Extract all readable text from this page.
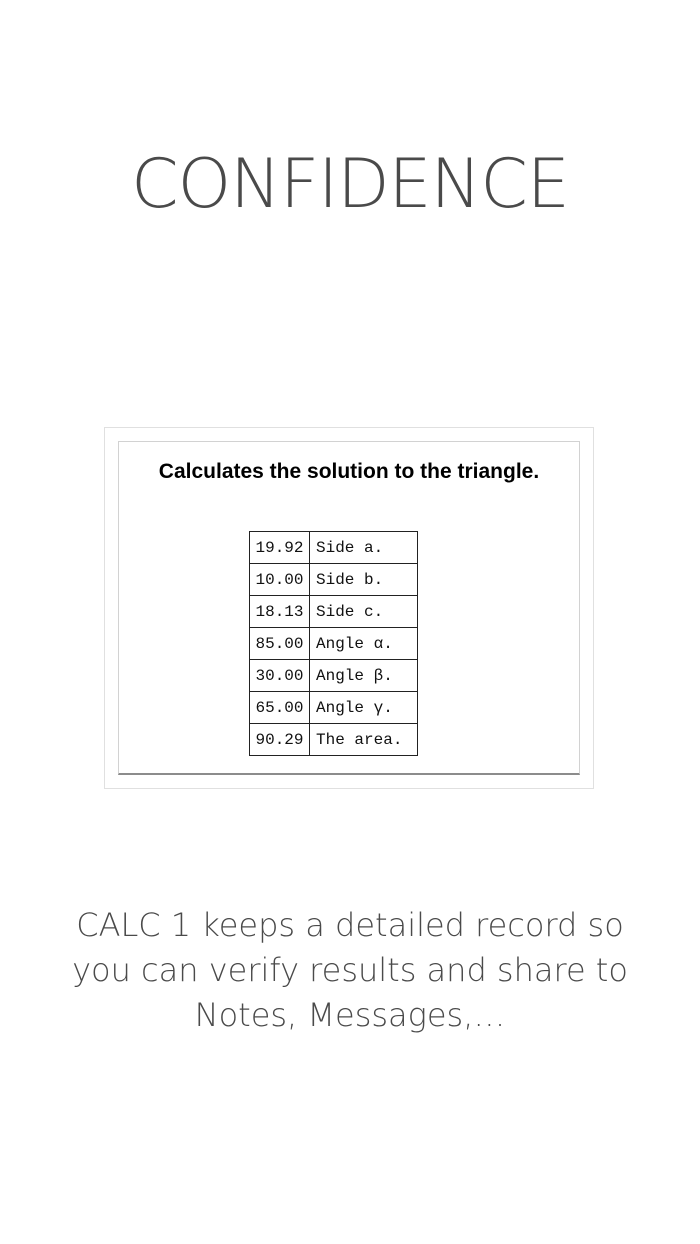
CONFIDENCE
Calculates the solution to the triangle.
19.92	Side a.
10.00	Side b.
18.13	Side c.
85.00	Angle α.
30.00	Angle β.
65.00	Angle γ.
90.29	The area.
CALC 1 keeps a detailed record so you can verify results and share to Notes, Messages,…
